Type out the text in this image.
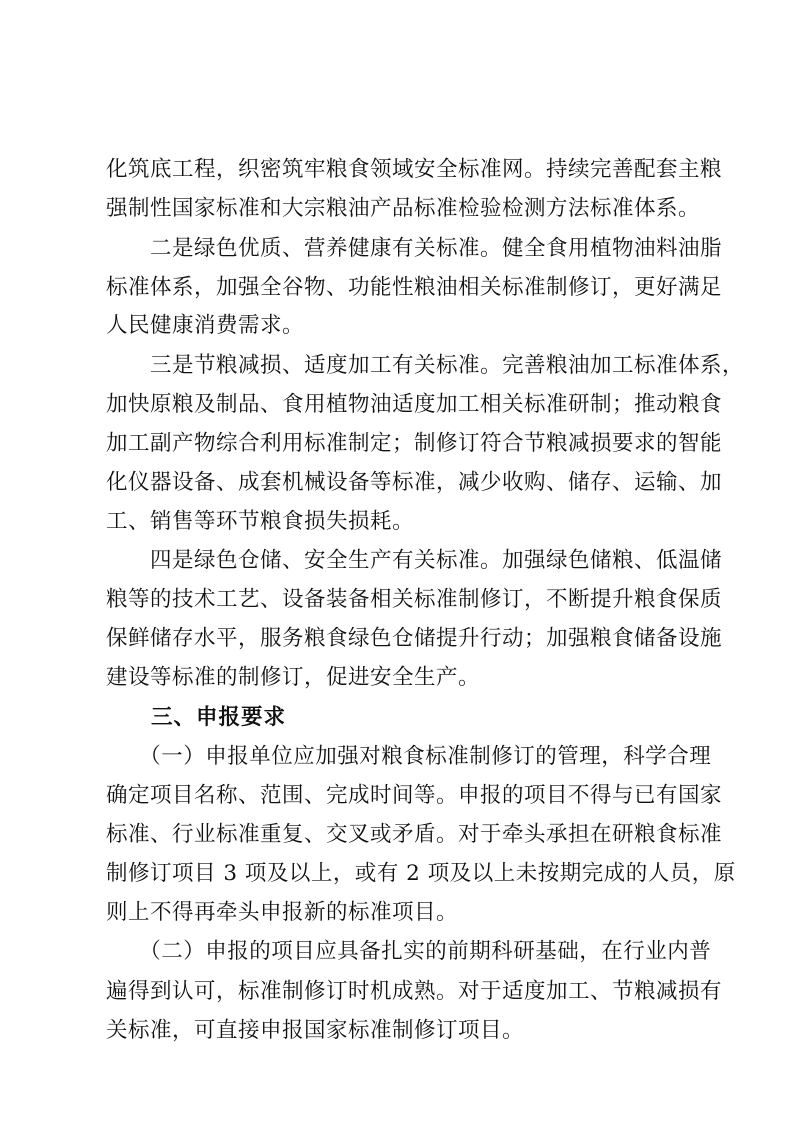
化筑底工程，织密筑牢粮食领域安全标准网。持续完善配套主粮
强制性国家标准和大宗粮油产品标准检验检测方法标准体系。
　　二是绿色优质、营养健康有关标准。健全食用植物油料油脂
标准体系，加强全谷物、功能性粮油相关标准制修订，更好满足
人民健康消费需求。
　　三是节粮减损、适度加工有关标准。完善粮油加工标准体系，
加快原粮及制品、食用植物油适度加工相关标准研制；推动粮食
加工副产物综合利用标准制定；制修订符合节粮减损要求的智能
化仪器设备、成套机械设备等标准，减少收购、储存、运输、加
工、销售等环节粮食损失损耗。
　　四是绿色仓储、安全生产有关标准。加强绿色储粮、低温储
粮等的技术工艺、设备装备相关标准制修订，不断提升粮食保质
保鲜储存水平，服务粮食绿色仓储提升行动；加强粮食储备设施
建设等标准的制修订，促进安全生产。
　　三、申报要求
　　（一）申报单位应加强对粮食标准制修订的管理，科学合理
确定项目名称、范围、完成时间等。申报的项目不得与已有国家
标准、行业标准重复、交叉或矛盾。对于牵头承担在研粮食标准
制修订项目 3 项及以上，或有 2 项及以上未按期完成的人员，原
则上不得再牵头申报新的标准项目。
　　（二）申报的项目应具备扎实的前期科研基础，在行业内普
遍得到认可，标准制修订时机成熟。对于适度加工、节粮减损有
关标准，可直接申报国家标准制修订项目。
